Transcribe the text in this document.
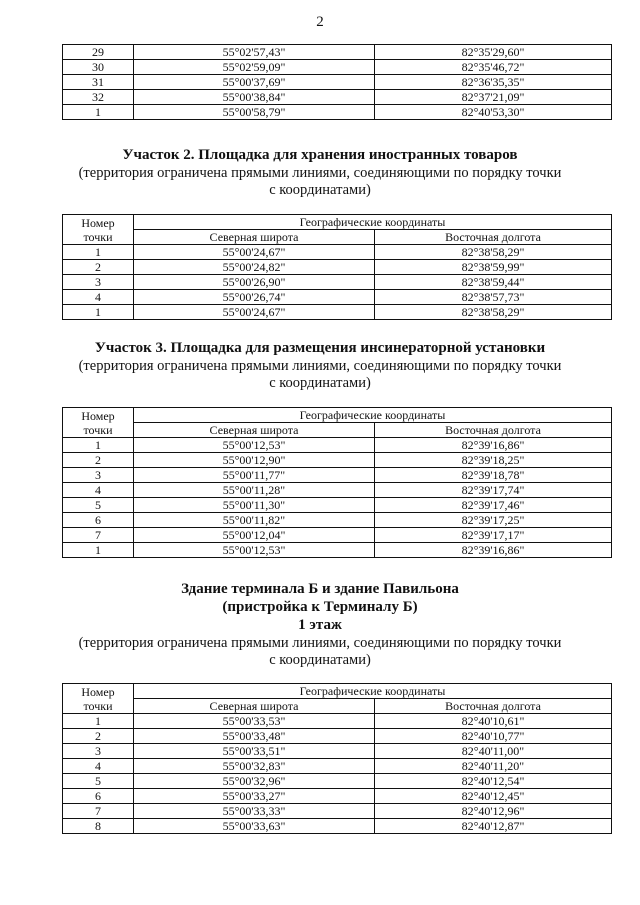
2
29	55°02'57,43"	82°35'29,60"
30	55°02'59,09"	82°35'46,72"
31	55°00'37,69"	82°36'35,35"
32	55°00'38,84"	82°37'21,09"
1	55°00'58,79"	82°40'53,30"
Участок 2. Площадка для хранения иностранных товаров
(территория ограничена прямыми линиями, соединяющими по порядку точки
с координатами)
Номер
точки	Географические координаты	
	Северная широта	Восточная долгота
1	55°00'24,67"	82°38'58,29"
2	55°00'24,82"	82°38'59,99"
3	55°00'26,90"	82°38'59,44"
4	55°00'26,74"	82°38'57,73"
1	55°00'24,67"	82°38'58,29"
Участок 3. Площадка для размещения инсинераторной установки
(территория ограничена прямыми линиями, соединяющими по порядку точки
с координатами)
Номер
точки	Географические координаты	
	Северная широта	Восточная долгота
1	55°00'12,53"	82°39'16,86"
2	55°00'12,90"	82°39'18,25"
3	55°00'11,77"	82°39'18,78"
4	55°00'11,28"	82°39'17,74"
5	55°00'11,30"	82°39'17,46"
6	55°00'11,82"	82°39'17,25"
7	55°00'12,04"	82°39'17,17"
1	55°00'12,53"	82°39'16,86"
Здание терминала Б и здание Павильона
(пристройка к Терминалу Б)
1 этаж
(территория ограничена прямыми линиями, соединяющими по порядку точки
с координатами)
Номер
точки	Географические координаты	
	Северная широта	Восточная долгота
1	55°00'33,53"	82°40'10,61"
2	55°00'33,48"	82°40'10,77"
3	55°00'33,51"	82°40'11,00"
4	55°00'32,83"	82°40'11,20"
5	55°00'32,96"	82°40'12,54"
6	55°00'33,27"	82°40'12,45"
7	55°00'33,33"	82°40'12,96"
8	55°00'33,63"	82°40'12,87"
